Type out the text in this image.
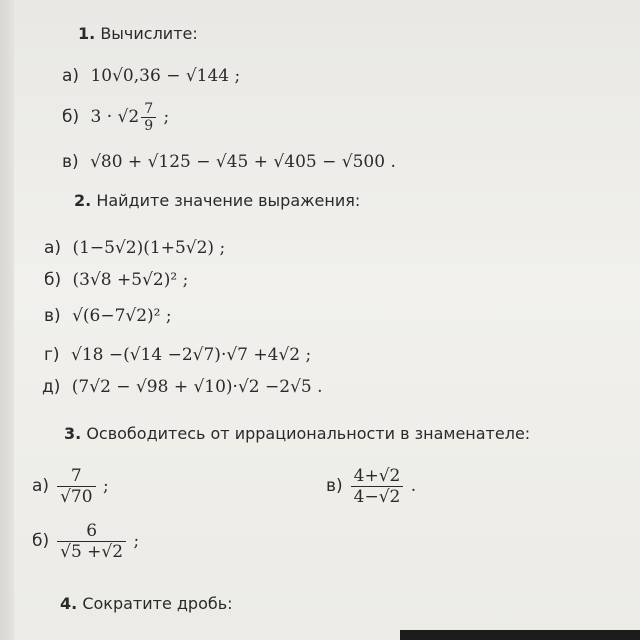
1. Вычислите:
а) 10√0,36 − √144 ;
б) $3 \cdot √2 \frac{7}{9}$ ;
в) √80 + √125 − √45 + √405 − √500 .
2. Найдите значение выражения:
а) (1−5√2)(1+5√2) ;
б) (3√8 +5√2)² ;
в) √(6−7√2)² ;
г) √18 −(√14 −2√7)·√7 +4√2 ;
д) (7√2 − √98 + √10)·√2 −2√5 .
3. Освободитесь от иррациональности в знаменателе:
$а) \frac{7}{√70}$ ;
$б) \frac{6}{√5 +√2}$ ;
$в) \frac{4+√2}{4-√2}$ .
4. Сократите дробь:
